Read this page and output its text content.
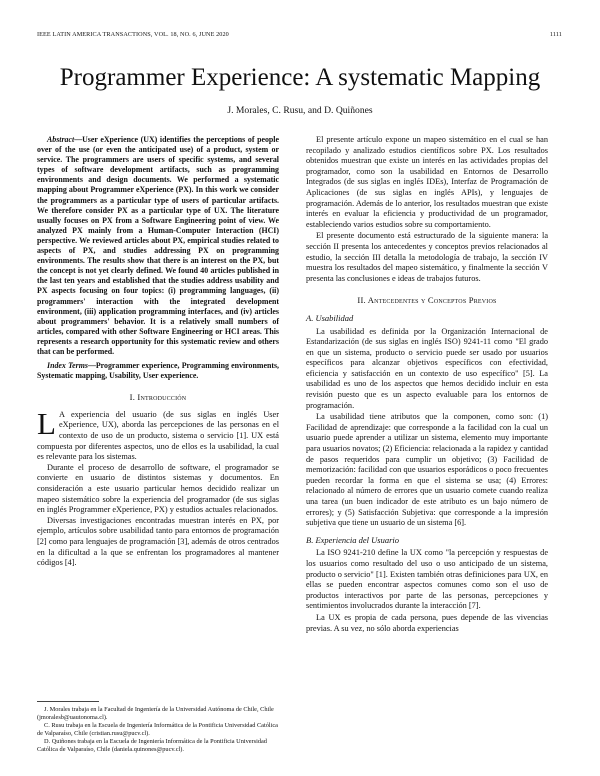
IEEE LATIN AMERICA TRANSACTIONS, VOL. 18, NO. 6, JUNE 2020	1111
Programmer Experience: A systematic Mapping
J. Morales, C. Rusu, and D. Quiñones

Abstract—User eXperience (UX) identifies the perceptions of people over of the use (or even the anticipated use) of a product, system or service. The programmers are users of specific systems, and several types of software development artifacts, such as programming environments and design documents. We performed a systematic mapping about Programmer eXperience (PX). In this work we consider the programmers as a particular type of users of particular artifacts. We therefore consider PX as a particular type of UX. The literature usually focuses on PX from a Software Engineering point of view. We analyzed PX mainly from a Human-Computer Interaction (HCI) perspective. We reviewed articles about PX, empirical studies related to aspects of PX, and studies addressing PX on programming environments. The results show that there is an interest on the PX, but the concept is not yet clearly defined. We found 40 articles published in the last ten years and established that the studies address usability and PX aspects focusing on four topics: (i) programming languages, (ii) programmers' interaction with the integrated development environment, (iii) application programming interfaces, and (iv) articles about programmers' behavior. It is a relatively small numbers of articles, compared with other Software Engineering or HCI areas. This represents a research opportunity for this systematic review and others that can be performed.

Index Terms—Programmer experience, Programming environments, Systematic mapping, Usability, User experience.

I. Introducción

L A experiencia del usuario (de sus siglas en inglés User eXperience, UX), aborda las percepciones de las personas en el contexto de uso de un producto, sistema o servicio [1]. UX está compuesta por diferentes aspectos, uno de ellos es la usabilidad, la cual es relevante para los sistemas.

Durante el proceso de desarrollo de software, el programador se convierte en usuario de distintos sistemas y documentos. En consideración a este usuario particular hemos decidido realizar un mapeo sistemático sobre la experiencia del programador (de sus siglas en inglés Programmer eXperience, PX) y estudios actuales relacionados.

Diversas investigaciones encontradas muestran interés en PX, por ejemplo, artículos sobre usabilidad tanto para entornos de programación [2] como para lenguajes de programación [3], además de otros centrados en la dificultad a la que se enfrentan los programadores al mantener códigos [4].

J. Morales trabaja en la Facultad de Ingeniería de la Universidad Autónoma de Chile, Chile (jmoralesb@uautonoma.cl).

C. Rusu trabaja en la Escuela de Ingeniería Informática de la Pontificia Universidad Católica de Valparaíso, Chile (cristian.rusu@pucv.cl).

D. Quiñones trabaja en la Escuela de Ingeniería Informática de la Pontificia Universidad Católica de Valparaíso, Chile (daniela.quinones@pucv.cl).

El presente artículo expone un mapeo sistemático en el cual se han recopilado y analizado estudios científicos sobre PX. Los resultados obtenidos muestran que existe un interés en las actividades propias del programador, como son la usabilidad en Entornos de Desarrollo Integrados (de sus siglas en inglés IDEs), Interfaz de Programación de Aplicaciones (de sus siglas en inglés APIs), y lenguajes de programación. Además de lo anterior, los resultados muestran que existe interés en evaluar la eficiencia y productividad de un programador, estableciendo varios estudios sobre su comportamiento.

El presente documento está estructurado de la siguiente manera: la sección II presenta los antecedentes y conceptos previos relacionados al estudio, la sección III detalla la metodología de trabajo, la sección IV muestra los resultados del mapeo sistemático, y finalmente la sección V presenta las conclusiones e ideas de trabajos futuros.

II. Antecedentes y Conceptos Previos
A. Usabilidad

La usabilidad es definida por la Organización Internacional de Estandarización (de sus siglas en inglés ISO) 9241-11 como "El grado en que un sistema, producto o servicio puede ser usado por usuarios específicos para alcanzar objetivos específicos con efectividad, eficiencia y satisfacción en un contexto de uso específico" [5]. La usabilidad es uno de los aspectos que hemos decidido incluir en esta revisión puesto que es un aspecto evaluable para los entornos de programación.

La usabilidad tiene atributos que la componen, como son: (1) Facilidad de aprendizaje: que corresponde a la facilidad con la cual un usuario puede aprender a utilizar un sistema, elemento muy importante para usuarios novatos; (2) Eficiencia: relacionada a la rapidez y cantidad de pasos requeridos para cumplir un objetivo; (3) Facilidad de memorización: facilidad con que usuarios esporádicos o poco frecuentes pueden recordar la forma en que el sistema se usa; (4) Errores: relacionado al número de errores que un usuario comete cuando realiza una tarea (un buen indicador de este atributo es un bajo número de errores); y (5) Satisfacción Subjetiva: que corresponde a la impresión subjetiva que tiene un usuario de un sistema [6].

B. Experiencia del Usuario

La ISO 9241-210 define la UX como "la percepción y respuestas de los usuarios como resultado del uso o uso anticipado de un sistema, producto o servicio" [1]. Existen también otras definiciones para UX, en ellas se pueden encontrar aspectos comunes como son el uso de productos interactivos por parte de las personas, percepciones y sentimientos involucrados durante la interacción [7].

La UX es propia de cada persona, pues depende de las vivencias previas. A su vez, no sólo aborda experiencias
